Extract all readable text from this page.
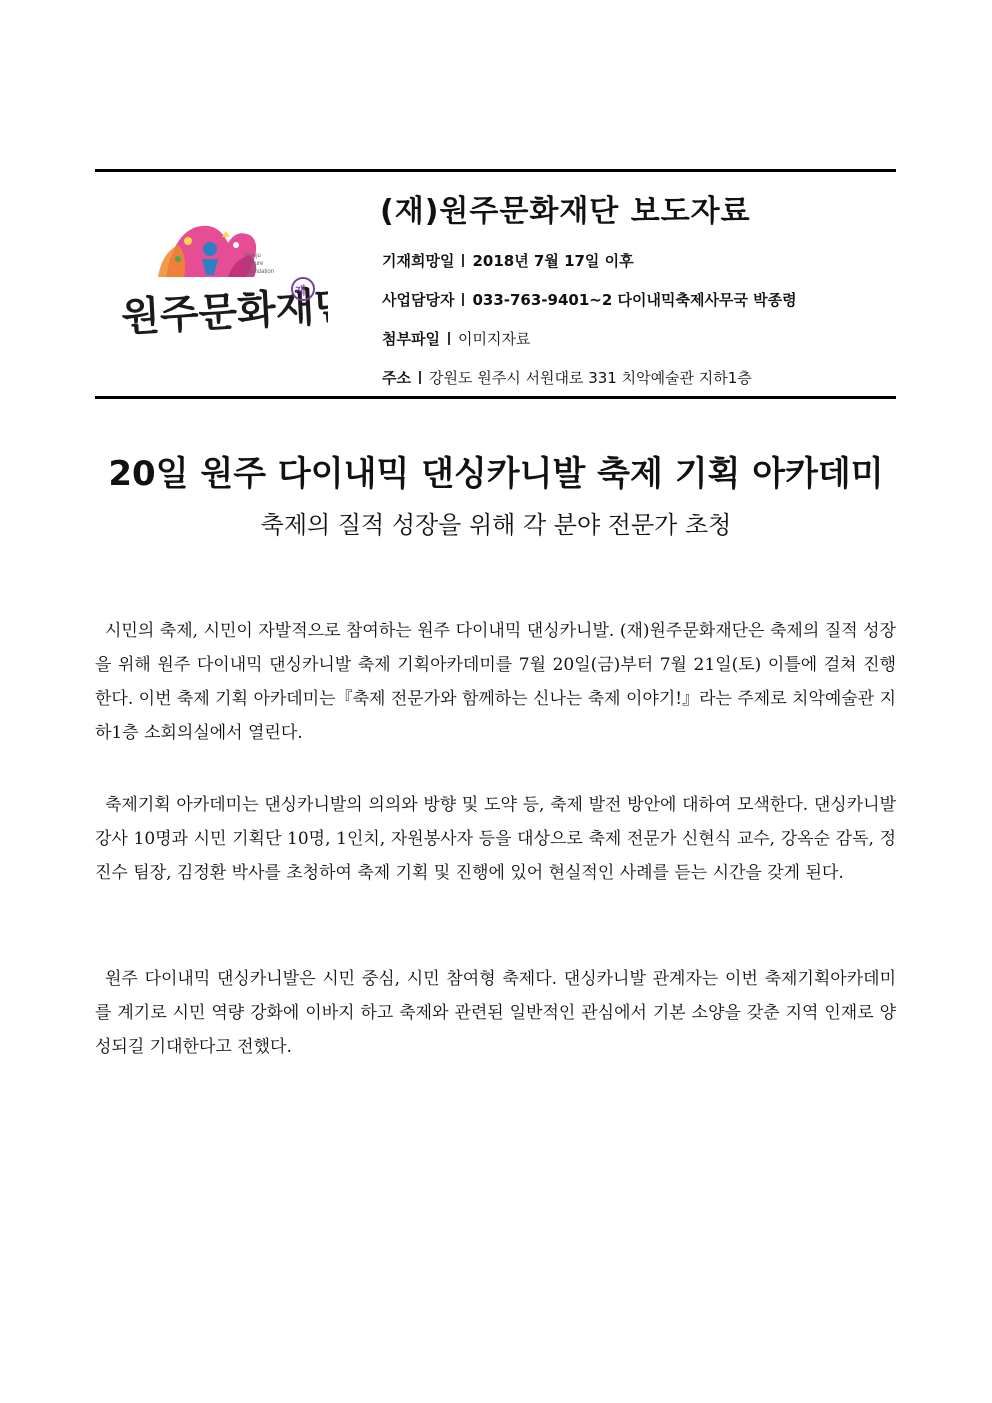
Wonju
Culture
Foundation
원주문화재단
재
(재)원주문화재단 보도자료
기재희망일 2018년 7월 17일 이후
사업담당자 033-763-9401~2 다이내믹축제사무국 박종령
첨부파일 이미지자료
주소 강원도 원주시 서원대로 331 치악예술관 지하1층
20일 원주 다이내믹 댄싱카니발 축제 기획 아카데미
축제의 질적 성장을 위해 각 분야 전문가 초청

시민의 축제, 시민이 자발적으로 참여하는 원주 다이내믹 댄싱카니발. (재)원주문화재단은 축제의 질적 성장을 위해 원주 다이내믹 댄싱카니발 축제 기획아카데미를 7월 20일(금)부터 7월 21일(토) 이틀에 걸쳐 진행한다. 이번 축제 기획 아카데미는『축제 전문가와 함께하는 신나는 축제 이야기!』라는 주제로 치악예술관 지하1층 소회의실에서 열린다.

축제기획 아카데미는 댄싱카니발의 의의와 방향 및 도약 등, 축제 발전 방안에 대하여 모색한다. 댄싱카니발 강사 10명과 시민 기획단 10명, 1인치, 자원봉사자 등을 대상으로 축제 전문가 신현식 교수, 강옥순 감독, 정진수 팀장, 김정환 박사를 초청하여 축제 기획 및 진행에 있어 현실적인 사례를 듣는 시간을 갖게 된다.

원주 다이내믹 댄싱카니발은 시민 중심, 시민 참여형 축제다. 댄싱카니발 관계자는 이번 축제기획아카데미를 계기로 시민 역량 강화에 이바지 하고 축제와 관련된 일반적인 관심에서 기본 소양을 갖춘 지역 인재로 양성되길 기대한다고 전했다.
